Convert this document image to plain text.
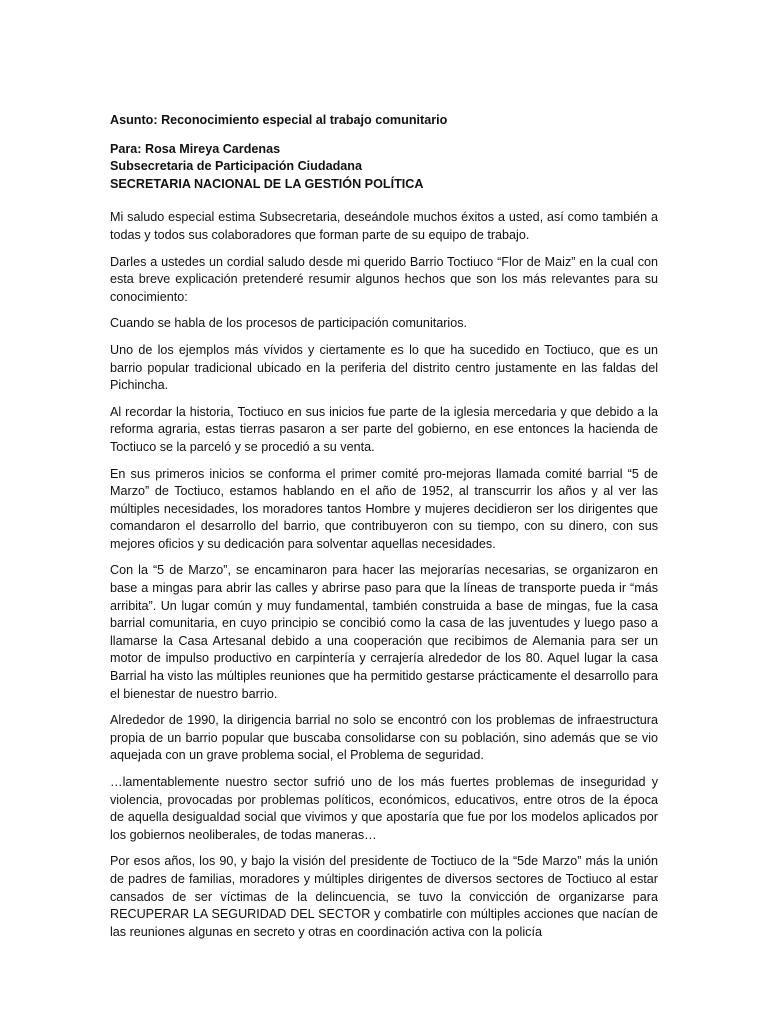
Asunto: Reconocimiento especial al trabajo comunitario
Para: Rosa Mireya Cardenas
Subsecretaria de Participación Ciudadana
SECRETARIA NACIONAL DE LA GESTIÓN POLÍTICA

Mi saludo especial estima Subsecretaria, deseándole muchos éxitos a usted, así como también a todas y todos sus colaboradores que forman parte de su equipo de trabajo.

Darles a ustedes un cordial saludo desde mi querido Barrio Toctiuco “Flor de Maiz” en la cual con esta breve explicación pretenderé resumir algunos hechos que son los más relevantes para su conocimiento:

Cuando se habla de los procesos de participación comunitarios.

Uno de los ejemplos más vívidos y ciertamente es lo que ha sucedido en Toctiuco, que es un barrio popular tradicional ubicado en la periferia del distrito centro justamente en las faldas del Pichincha.

Al recordar la historia, Toctiuco en sus inicios fue parte de la iglesia mercedaria y que debido a la reforma agraria, estas tierras pasaron a ser parte del gobierno, en ese entonces la hacienda de Toctiuco se la parceló y se procedió a su venta.

En sus primeros inicios se conforma el primer comité pro-mejoras llamada comité barrial “5 de Marzo” de Toctiuco, estamos hablando en el año de 1952, al transcurrir los años y al ver las múltiples necesidades, los moradores tantos Hombre y mujeres decidieron ser los dirigentes que comandaron el desarrollo del barrio, que contribuyeron con su tiempo, con su dinero, con sus mejores oficios y su dedicación para solventar aquellas necesidades.

Con la “5 de Marzo”, se encaminaron para hacer las mejorarías necesarias, se organizaron en base a mingas para abrir las calles y abrirse paso para que la líneas de transporte pueda ir “más arribita”. Un lugar común y muy fundamental, también construida a base de mingas, fue la casa barrial comunitaria, en cuyo principio se concibió como la casa de las juventudes y luego paso a llamarse la Casa Artesanal debido a una cooperación que recibimos de Alemania para ser un motor de impulso productivo en carpintería y cerrajería alrededor de los 80. Aquel lugar la casa Barrial ha visto las múltiples reuniones que ha permitido gestarse prácticamente el desarrollo para el bienestar de nuestro barrio.

Alrededor de 1990, la dirigencia barrial no solo se encontró con los problemas de infraestructura propia de un barrio popular que buscaba consolidarse con su población, sino además que se vio aquejada con un grave problema social, el Problema de seguridad.

…lamentablemente nuestro sector sufrió uno de los más fuertes problemas de inseguridad y violencia, provocadas por problemas políticos, económicos, educativos, entre otros de la época de aquella desigualdad social que vivimos y que apostaría que fue por los modelos aplicados por los gobiernos neoliberales, de todas maneras…

Por esos años, los 90, y bajo la visión del presidente de Toctiuco de la “5de Marzo” más la unión de padres de familias, moradores y múltiples dirigentes de diversos sectores de Toctiuco al estar cansados de ser víctimas de la delincuencia, se tuvo la convicción de organizarse para RECUPERAR LA SEGURIDAD DEL SECTOR y combatirle con múltiples acciones que nacían de las reuniones algunas en secreto y otras en coordinación activa con la policía
